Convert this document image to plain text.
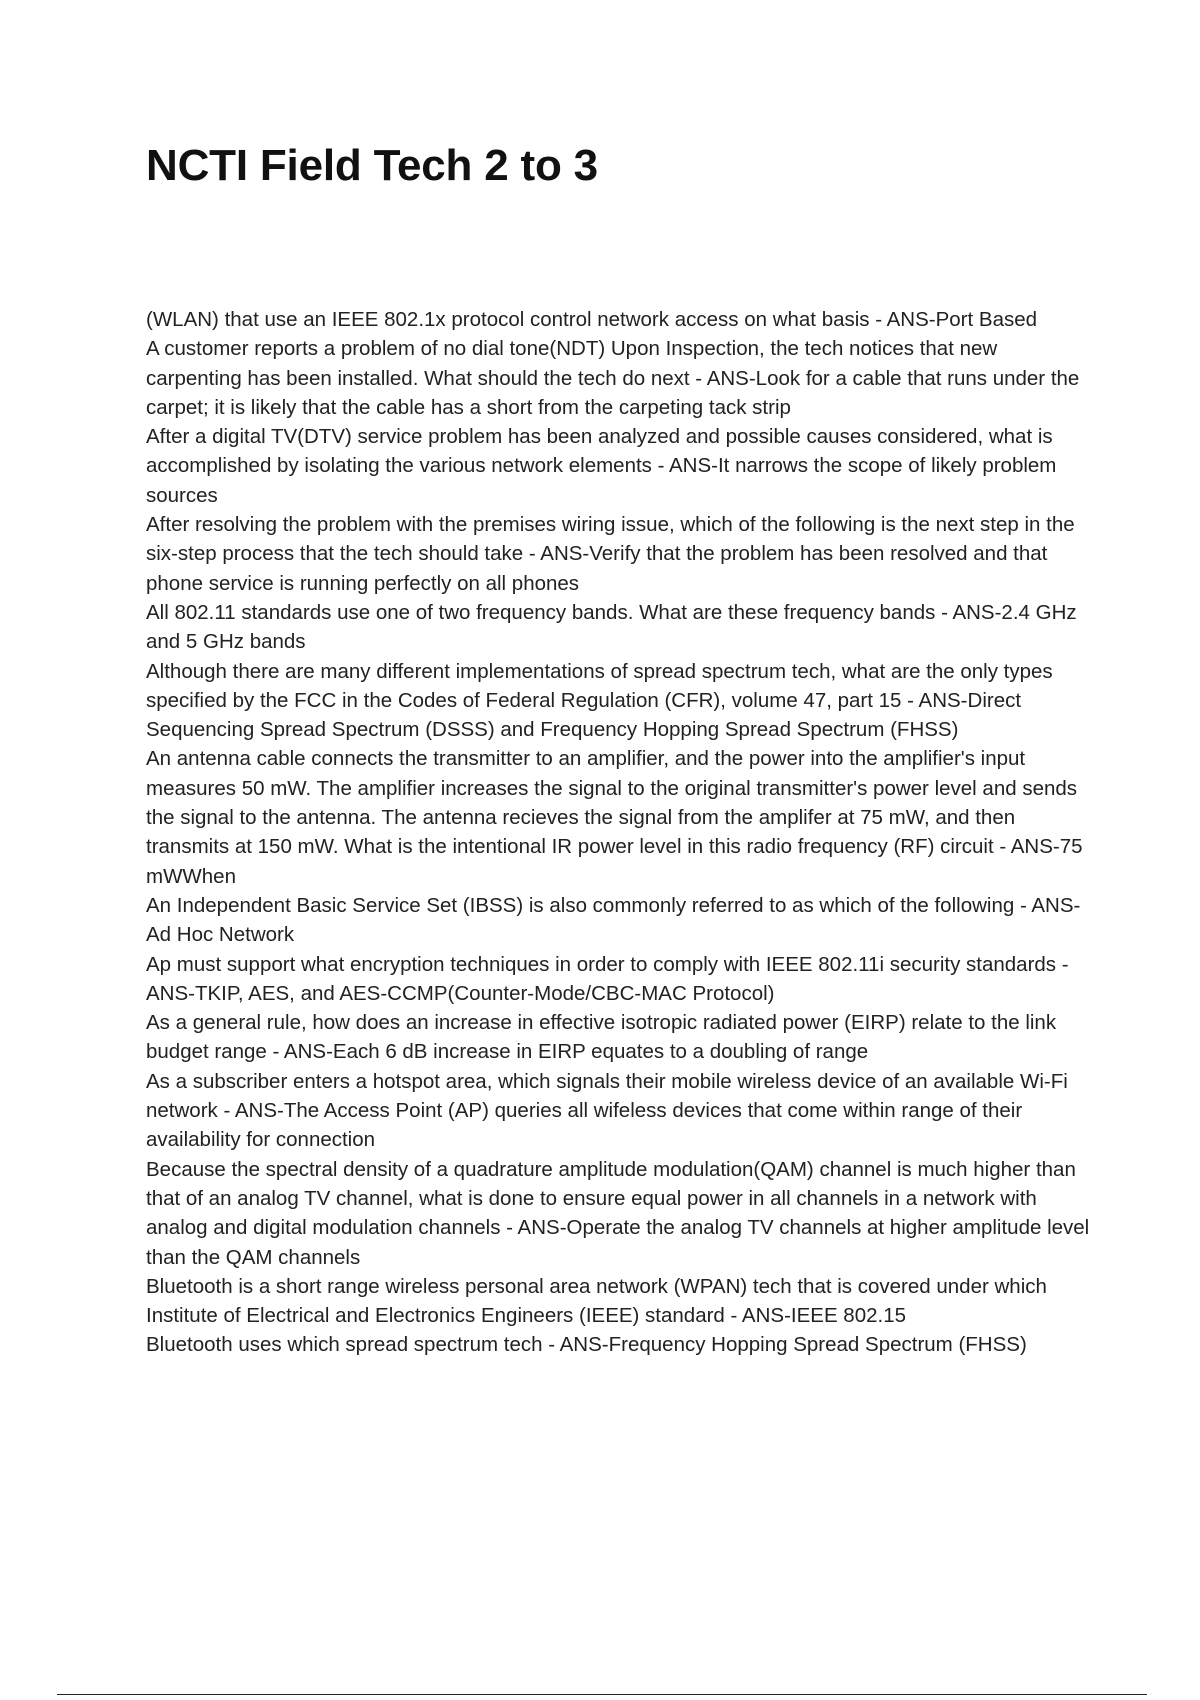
NCTI Field Tech 2 to 3
(WLAN) that use an IEEE 802.1x protocol control network access on what basis - ANS-Port Based
A customer reports a problem of no dial tone(NDT) Upon Inspection, the tech notices that new carpenting has been installed. What should the tech do next - ANS-Look for a cable that runs under the carpet; it is likely that the cable has a short from the carpeting tack strip
After a digital TV(DTV) service problem has been analyzed and possible causes considered, what is accomplished by isolating the various network elements - ANS-It narrows the scope of likely problem sources
After resolving the problem with the premises wiring issue, which of the following is the next step in the six-step process that the tech should take - ANS-Verify that the problem has been resolved and that phone service is running perfectly on all phones
All 802.11 standards use one of two frequency bands. What are these frequency bands - ANS-2.4 GHz and 5 GHz bands
Although there are many different implementations of spread spectrum tech, what are the only types specified by the FCC in the Codes of Federal Regulation (CFR), volume 47, part 15 - ANS-Direct Sequencing Spread Spectrum (DSSS) and Frequency Hopping Spread Spectrum (FHSS)
An antenna cable connects the transmitter to an amplifier, and the power into the amplifier's input measures 50 mW. The amplifier increases the signal to the original transmitter's power level and sends the signal to the antenna. The antenna recieves the signal from the amplifer at 75 mW, and then transmits at 150 mW. What is the intentional IR power level in this radio frequency (RF) circuit - ANS-75 mWWhen
An Independent Basic Service Set (IBSS) is also commonly referred to as which of the following - ANS-Ad Hoc Network
Ap must support what encryption techniques in order to comply with IEEE 802.11i security standards - ANS-TKIP, AES, and AES-CCMP(Counter-Mode/CBC-MAC Protocol)
As a general rule, how does an increase in effective isotropic radiated power (EIRP) relate to the link budget range - ANS-Each 6 dB increase in EIRP equates to a doubling of range
As a subscriber enters a hotspot area, which signals their mobile wireless device of an available Wi-Fi network - ANS-The Access Point (AP) queries all wifeless devices that come within range of their availability for connection
Because the spectral density of a quadrature amplitude modulation(QAM) channel is much higher than that of an analog TV channel, what is done to ensure equal power in all channels in a network with analog and digital modulation channels - ANS-Operate the analog TV channels at higher amplitude level than the QAM channels
Bluetooth is a short range wireless personal area network (WPAN) tech that is covered under which Institute of Electrical and Electronics Engineers (IEEE) standard - ANS-IEEE 802.15
Bluetooth uses which spread spectrum tech - ANS-Frequency Hopping Spread Spectrum (FHSS)
